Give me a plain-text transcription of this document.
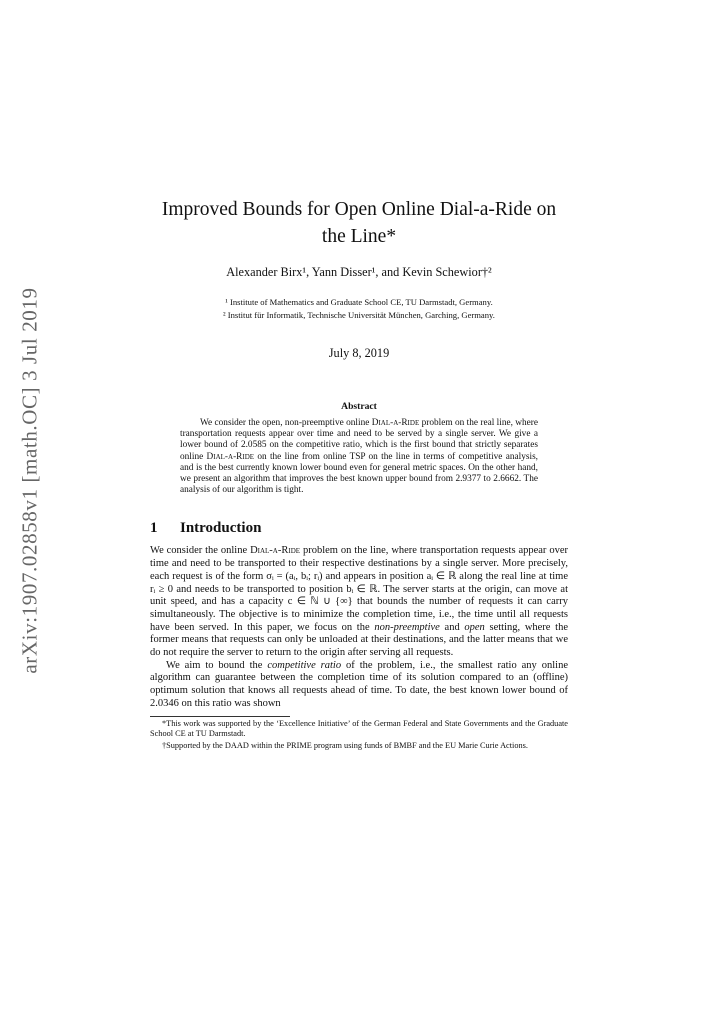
arXiv:1907.02858v1 [math.OC] 3 Jul 2019
Improved Bounds for Open Online Dial-a-Ride on
the Line*
Alexander Birx¹, Yann Disser¹, and Kevin Schewior†²
¹ Institute of Mathematics and Graduate School CE, TU Darmstadt, Germany.
² Institut für Informatik, Technische Universität München, Garching, Germany.
July 8, 2019
Abstract

We consider the open, non-preemptive online Dial-a-Ride problem on the real line, where transportation requests appear over time and need to be served by a single server. We give a lower bound of 2.0585 on the competitive ratio, which is the first bound that strictly separates online Dial-a-Ride on the line from online TSP on the line in terms of competitive analysis, and is the best currently known lower bound even for general metric spaces. On the other hand, we present an algorithm that improves the best known upper bound from 2.9377 to 2.6662. The analysis of our algorithm is tight.

1 Introduction

We consider the online Dial-a-Ride problem on the line, where transportation requests appear over time and need to be transported to their respective destinations by a single server. More precisely, each request is of the form σᵢ = (aᵢ, bᵢ; rᵢ) and appears in position aᵢ ∈ ℝ along the real line at time rᵢ ≥ 0 and needs to be transported to position bᵢ ∈ ℝ. The server starts at the origin, can move at unit speed, and has a capacity c ∈ ℕ ∪ {∞} that bounds the number of requests it can carry simultaneously. The objective is to minimize the completion time, i.e., the time until all requests have been served. In this paper, we focus on the non-preemptive and open setting, where the former means that requests can only be unloaded at their destinations, and the latter means that we do not require the server to return to the origin after serving all requests.

We aim to bound the competitive ratio of the problem, i.e., the smallest ratio any online algorithm can guarantee between the completion time of its solution compared to an (offline) optimum solution that knows all requests ahead of time. To date, the best known lower bound of 2.0346 on this ratio was shown

*This work was supported by the ‘Excellence Initiative’ of the German Federal and State Governments and the Graduate School CE at TU Darmstadt.

†Supported by the DAAD within the PRIME program using funds of BMBF and the EU Marie Curie Actions.
